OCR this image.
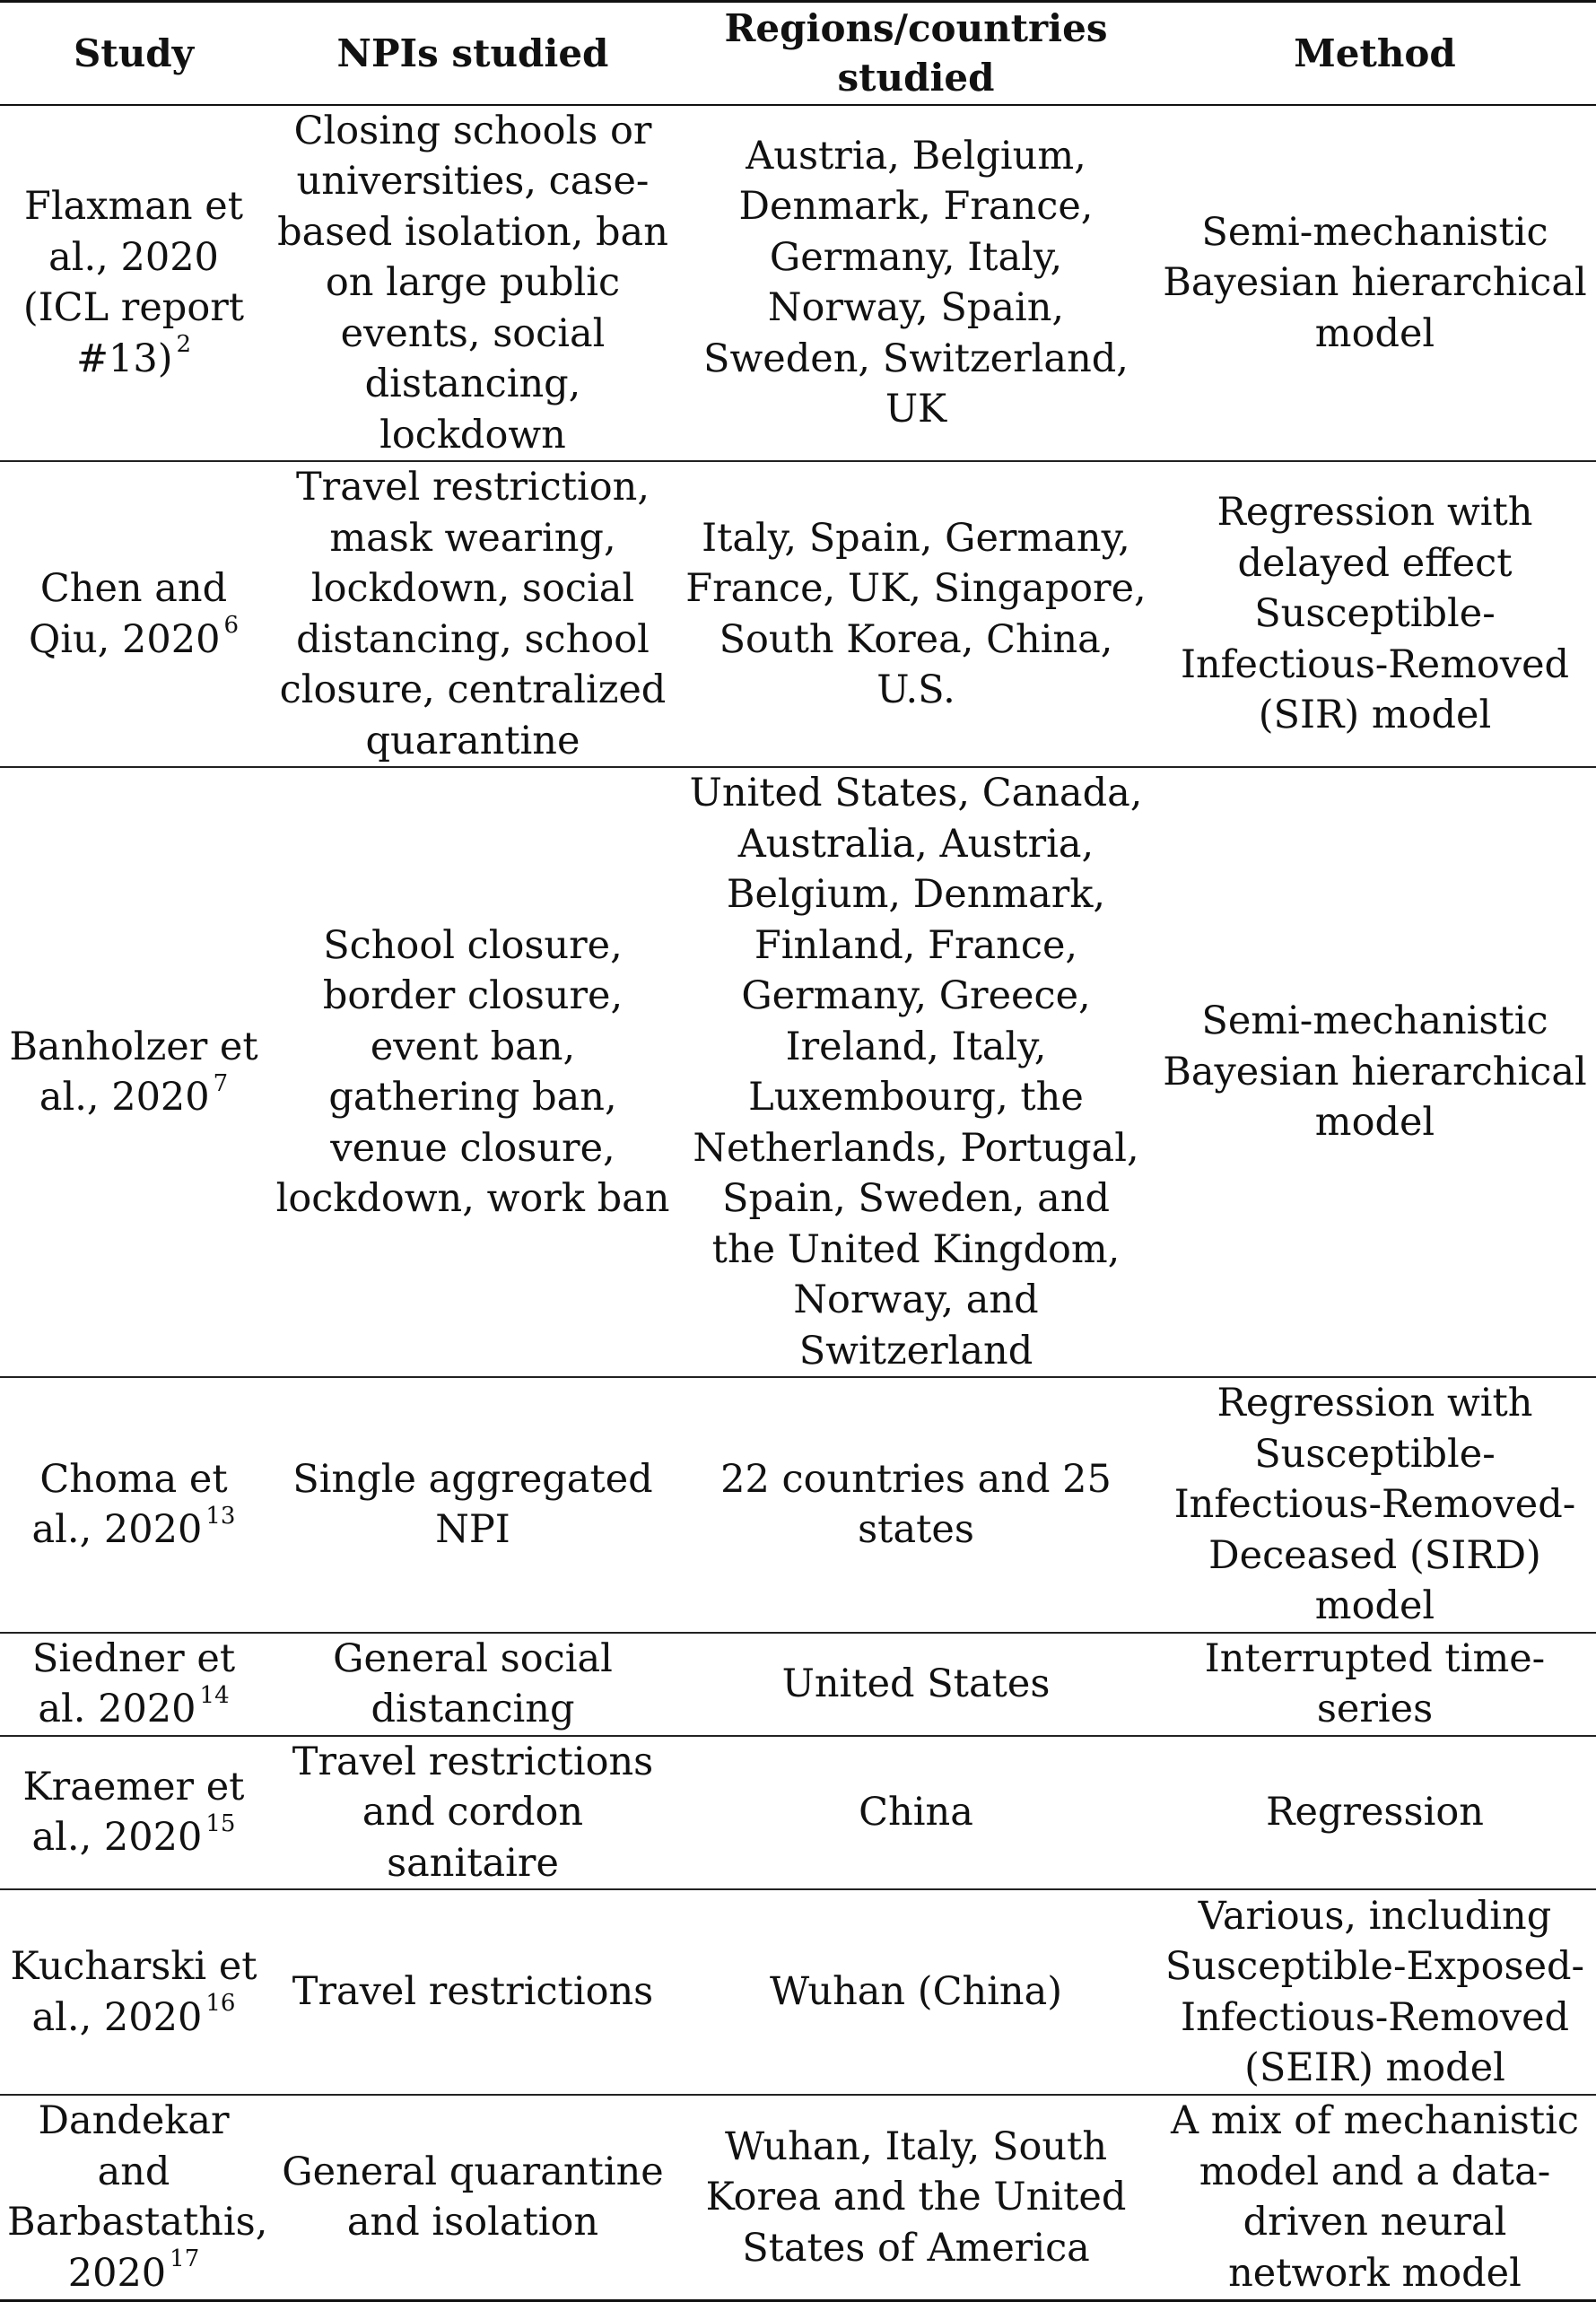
Study	NPIs studied	Regions/countries studied	Method
Flaxman et al., 2020 (ICL report #13) $^2$	Closing schools or universities, case-based isolation, ban on large public events, social distancing, lockdown	Austria, Belgium, Denmark, France, Germany, Italy, Norway, Spain, Sweden, Switzerland, UK	Semi-mechanistic Bayesian hierarchical model
Chen and Qiu, 2020 $^6$	Travel restriction, mask wearing, lockdown, social distancing, school closure, centralized quarantine	Italy, Spain, Germany, France, UK, Singapore, South Korea, China, U.S.	Regression with delayed effect Susceptible-Infectious-Removed (SIR) model
Banholzer et al., 2020 $^7$	School closure, border closure, event ban, gathering ban, venue closure, lockdown, work ban	United States, Canada, Australia, Austria, Belgium, Denmark, Finland, France, Germany, Greece, Ireland, Italy, Luxembourg, the Netherlands, Portugal, Spain, Sweden, and the United Kingdom, Norway, and Switzerland	Semi-mechanistic Bayesian hierarchical model
Choma et al., 2020 $^{13}$	Single aggregated NPI	22 countries and 25 states	Regression with Susceptible-Infectious-Removed-Deceased (SIRD) model
Siedner et al. 2020 $^{14}$	General social distancing	United States	Interrupted time-series
Kraemer et al., 2020 $^{15}$	Travel restrictions and cordon sanitaire	China	Regression
Kucharski et al., 2020 $^{16}$	Travel restrictions	Wuhan (China)	Various, including Susceptible-Exposed-Infectious-Removed (SEIR) model
Dandekar and Barbastathis, 2020 $^{17}$	General quarantine and isolation	Wuhan, Italy, South Korea and the United States of America	A mix of mechanistic model and a data-driven neural network model
